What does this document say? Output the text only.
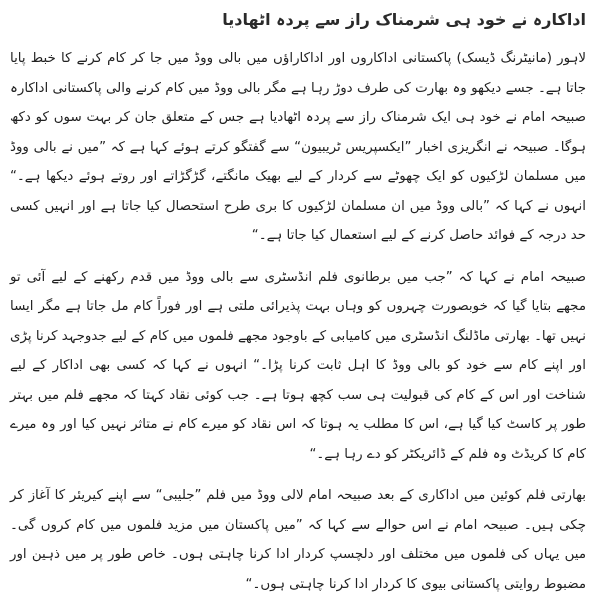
اداکارہ نے خود ہی شرمناک راز سے پردہ اٹھادیا

لاہور (مانیٹرنگ ڈیسک) پاکستانی اداکاروں اور اداکاراؤں میں بالی ووڈ میں جا کر کام کرنے کا خبط پایا جاتا ہے۔ جسے دیکھو وہ بھارت کی طرف دوڑ رہا ہے مگر بالی ووڈ میں کام کرنے والی پاکستانی اداکارہ صبیحہ امام نے خود ہی ایک شرمناک راز سے پردہ اٹھادیا ہے جس کے متعلق جان کر بہت سوں کو دکھ ہوگا۔ صبیحہ نے انگریزی اخبار ”ایکسپریس ٹریبیون“ سے گفتگو کرتے ہوئے کہا ہے کہ ”میں نے بالی ووڈ میں مسلمان لڑکیوں کو ایک چھوٹے سے کردار کے لیے بھیک مانگتے، گڑگڑاتے اور روتے ہوئے دیکھا ہے۔“ انہوں نے کہا کہ ”بالی ووڈ میں ان مسلمان لڑکیوں کا بری طرح استحصال کیا جاتا ہے اور انہیں کسی حد درجہ کے فوائد حاصل کرنے کے لیے استعمال کیا جاتا ہے۔“

صبیحہ امام نے کہا کہ ”جب میں برطانوی فلم انڈسٹری سے بالی ووڈ میں قدم رکھنے کے لیے آئی تو مجھے بتایا گیا کہ خوبصورت چہروں کو وہاں بہت پذیرائی ملتی ہے اور فوراً کام مل جاتا ہے مگر ایسا نہیں تھا۔ بھارتی ماڈلنگ انڈسٹری میں کامیابی کے باوجود مجھے فلموں میں کام کے لیے جدوجہد کرنا پڑی اور اپنے کام سے خود کو بالی ووڈ کا اہل ثابت کرنا پڑا۔“ انہوں نے کہا کہ کسی بھی اداکار کے لیے شناخت اور اس کے کام کی قبولیت ہی سب کچھ ہوتا ہے۔ جب کوئی نقاد کہتا کہ مجھے فلم میں بہتر طور پر کاسٹ کیا گیا ہے، اس کا مطلب یہ ہوتا کہ اس نقاد کو میرے کام نے متاثر نہیں کیا اور وہ میرے کام کا کریڈٹ وہ فلم کے ڈائریکٹر کو دے رہا ہے۔“

بھارتی فلم کوئین میں اداکاری کے بعد صبیحہ امام لالی ووڈ میں فلم ”جلیبی“ سے اپنے کیریئر کا آغاز کر چکی ہیں۔ صبیحہ امام نے اس حوالے سے کہا کہ ”میں پاکستان میں مزید فلموں میں کام کروں گی۔ میں یہاں کی فلموں میں مختلف اور دلچسپ کردار ادا کرنا چاہتی ہوں۔ خاص طور پر میں ذہین اور مضبوط روایتی پاکستانی بیوی کا کردار ادا کرنا چاہتی ہوں۔“
